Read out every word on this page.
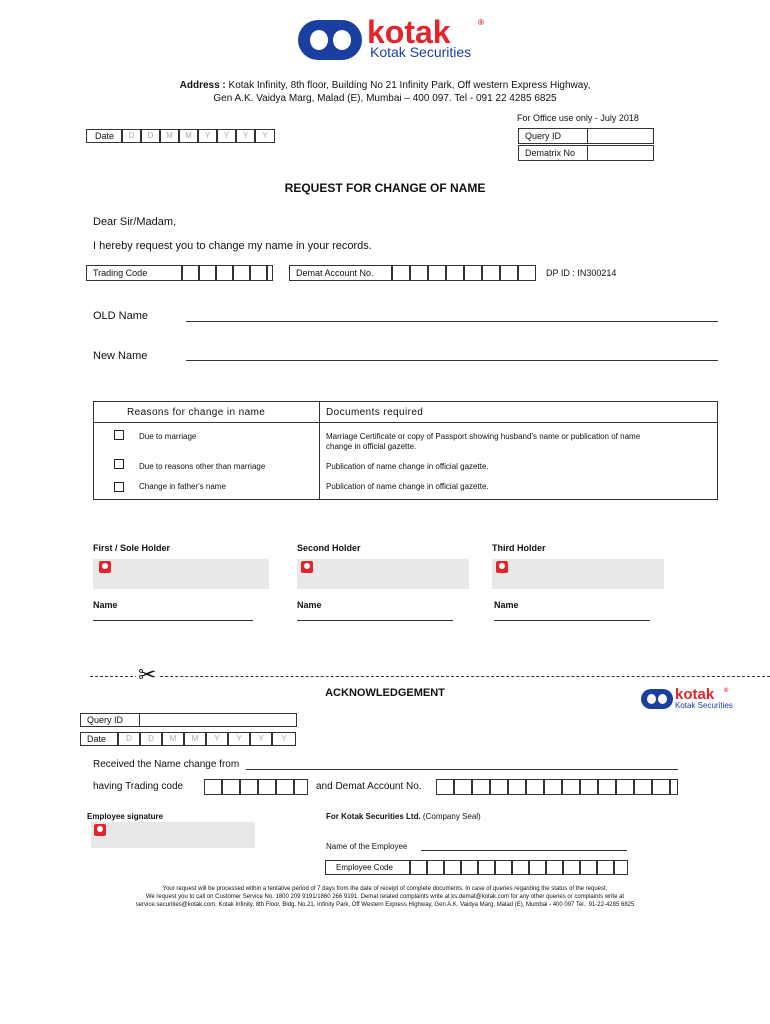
kotak	®
Kotak Securities
Address : Kotak Infinity, 8th floor, Building No 21 Infinity Park, Off western Express Highway,
Gen A.K. Vaidya Marg, Malad (E), Mumbai – 400 097. Tel - 091 22 4285 6825
For Office use only - July 2018
Query ID
Dematrix No
Date	D	D	M	M	Y	Y	Y	Y
REQUEST FOR CHANGE OF NAME
Dear Sir/Madam,
I hereby request you to change my name in your records.
Trading Code	Demat Account No.	DP ID : IN300214
OLD Name
New Name
Reasons for change in name	Documents required
Due to marriage	Marriage Certificate or copy of Passport showing husband's name or publication of name change in official gazette.
Due to reasons other than marriage	Publication of name change in official gazette.
Change in father's name	Publication of name change in official gazette.
First / Sole Holder
Name
Second Holder
Name
Third Holder
Name
✂
ACKNOWLEDGEMENT	kotak ®
Kotak Securities
Query ID
Date	D	D	M	M	Y	Y	Y	Y
Received the Name change from
having Trading code	and Demat Account No.
Employee signature	For Kotak Securities Ltd. (Company Seal)
Name of the Employee
Employee Code
Your request will be processed within a tentative period of 7 days from the date of receipt of complete documents. In case of queries regarding the status of the request,
We request you to call on Customer Service No. 1800 209 9191/1860 266 9191. Demat related complaints write at ks.demat@kotak.com for any other queries or complaints write at
service.securities@kotak.com. Kotak Infinity, 8th Floor, Bldg. No.21, Infinity Park, Off Western Express Highway, Gen A.K. Vaidya Marg, Malad (E), Mumbai - 400 097 Tel.: 91-22-4285 6825
